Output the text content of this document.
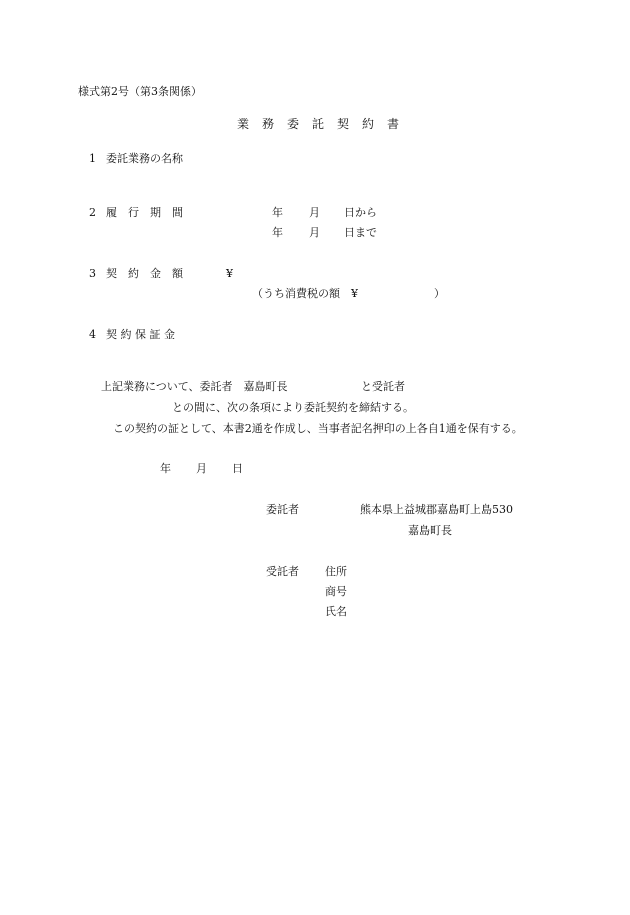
様式第2号（第3条関係）
業　務　委　託　契　約　書
1 委託業務の名称
2 履　行　期　間	年 月 日から
年 月 日まで
3 契　約　金　額	¥
（うち消費税の額　¥	）
4 契 約 保 証 金
上記業務について、委託者　嘉島町長	と受託者
との間に、次の条項により委託契約を締結する。
この契約の証として、本書2通を作成し、当事者記名押印の上各自1通を保有する。
年 月 日
委託者	熊本県上益城郡嘉島町上島530
嘉島町長
受託者 住所
商号
氏名
